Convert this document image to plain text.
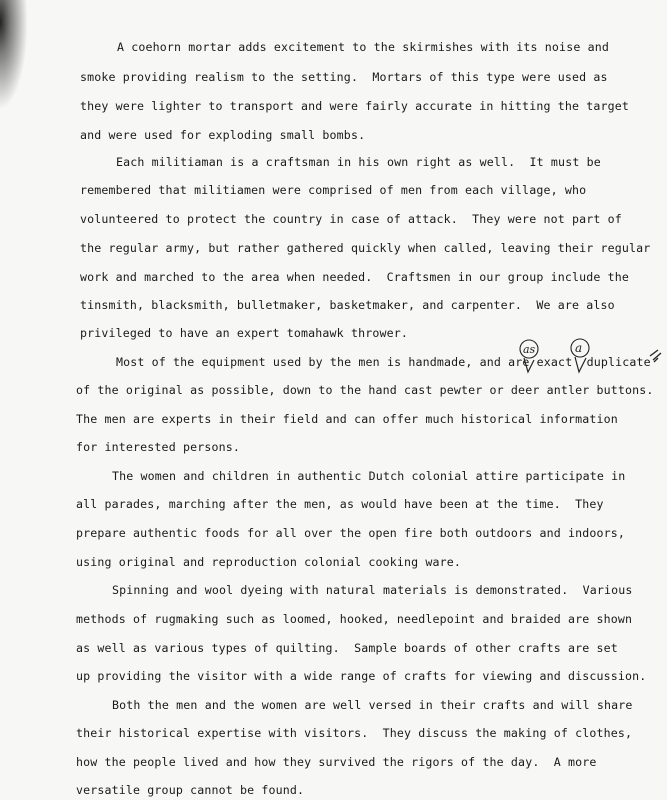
A coehorn mortar adds excitement to the skirmishes with its noise and
smoke providing realism to the setting.  Mortars of this type were used as
they were lighter to transport and were fairly accurate in hitting the target
and were used for exploding small bombs.
Each militiaman is a craftsman in his own right as well.  It must be
remembered that militiamen were comprised of men from each village, who
volunteered to protect the country in case of attack.  They were not part of
the regular army, but rather gathered quickly when called, leaving their regular
work and marched to the area when needed.  Craftsmen in our group include the
tinsmith, blacksmith, bulletmaker, basketmaker, and carpenter.  We are also
privileged to have an expert tomahawk thrower.
Most of the equipment used by the men is handmade, and are exact  duplicate
of the original as possible, down to the hand cast pewter or deer antler buttons.
The men are experts in their field and can offer much historical information
for interested persons.
as	a
The women and children in authentic Dutch colonial attire participate in
all parades, marching after the men, as would have been at the time.  They
prepare authentic foods for all over the open fire both outdoors and indoors,
using original and reproduction colonial cooking ware.
Spinning and wool dyeing with natural materials is demonstrated.  Various
methods of rugmaking such as loomed, hooked, needlepoint and braided are shown
as well as various types of quilting.  Sample boards of other crafts are set
up providing the visitor with a wide range of crafts for viewing and discussion.
Both the men and the women are well versed in their crafts and will share
their historical expertise with visitors.  They discuss the making of clothes,
how the people lived and how they survived the rigors of the day.  A more
versatile group cannot be found.
